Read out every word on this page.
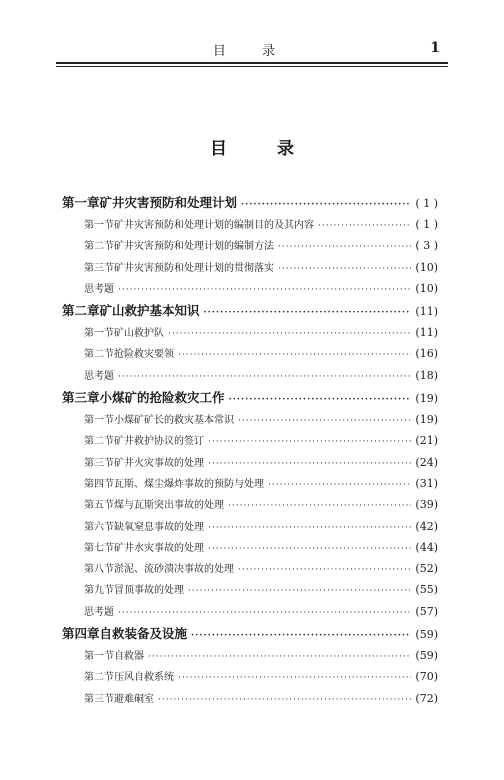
目 录	1
目 录
第一章 矿井灾害预防和处理计划 ·····	( 1 )
第一节 矿井灾害预防和处理计划的编制目的及其内容 ·····	( 1 )
第二节 矿井灾害预防和处理计划的编制方法 ·····	( 3 )
第三节 矿井灾害预防和处理计划的贯彻落实 ·····	(10)
思考题 ·····	(10)
第二章 矿山救护基本知识 ·····	(11)
第一节 矿山救护队 ·····	(11)
第二节 抢险救灾要领 ·····	(16)
思考题 ·····	(18)
第三章 小煤矿的抢险救灾工作 ·····	(19)
第一节 小煤矿矿长的救灾基本常识 ·····	(19)
第二节 矿井救护协议的签订 ·····	(21)
第三节 矿井火灾事故的处理 ·····	(24)
第四节 瓦斯、煤尘爆炸事故的预防与处理 ·····	(31)
第五节 煤与瓦斯突出事故的处理 ·····	(39)
第六节 缺氧窒息事故的处理 ·····	(42)
第七节 矿井水灾事故的处理 ·····	(44)
第八节 淤泥、流砂溃决事故的处理 ·····	(52)
第九节 冒顶事故的处理 ·····	(55)
思考题 ·····	(57)
第四章 自救装备及设施 ·····	(59)
第一节 自救器 ·····	(59)
第二节 压风自救系统 ·····	(70)
第三节 避难硐室 ·····	(72)
